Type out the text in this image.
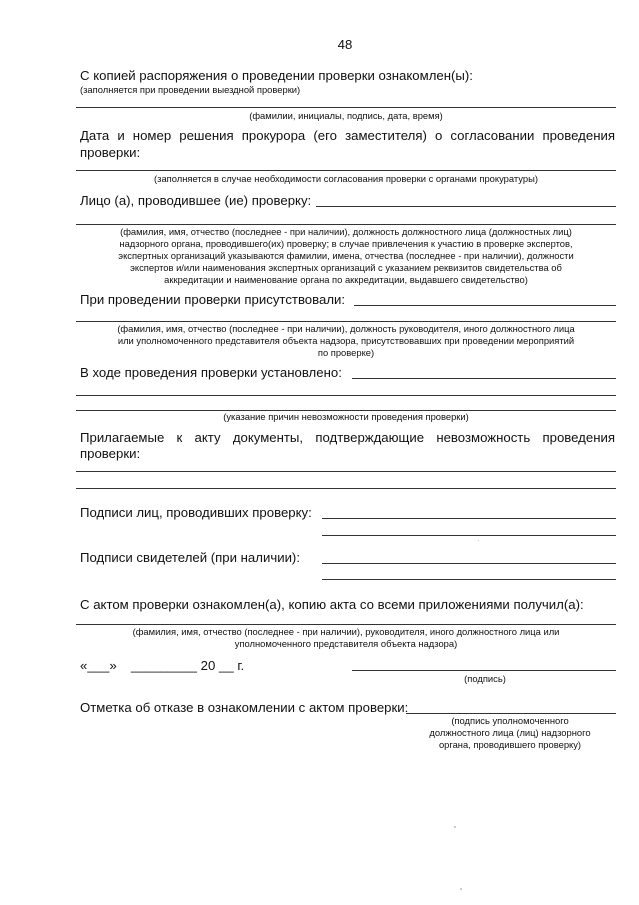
48
С копией распоряжения о проведении проверки ознакомлен(ы):
(заполняется при проведении выездной проверки)
(фамилии, инициалы, подпись, дата, время)
Дата и номер решения прокурора (его заместителя) о согласовании проведения
проверки:
(заполняется в случае необходимости согласования проверки с органами прокуратуры)
Лицо (а), проводившее (ие) проверку:
(фамилия, имя, отчество (последнее - при наличии), должность должностного лица (должностных лиц)
надзорного органа, проводившего(их) проверку; в случае привлечения к участию в проверке экспертов,
экспертных организаций указываются фамилии, имена, отчества (последнее - при наличии), должности
экспертов и/или наименования экспертных организаций с указанием реквизитов свидетельства об
аккредитации и наименование органа по аккредитации, выдавшего свидетельство)
При проведении проверки присутствовали:
(фамилия, имя, отчество (последнее - при наличии), должность руководителя, иного должностного лица
или уполномоченного представителя объекта надзора, присутствовавших при проведении мероприятий
по проверке)
В ходе проведения проверки установлено:
(указание причин невозможности проведения проверки)
Прилагаемые к акту документы, подтверждающие невозможность проведения
проверки:
Подписи лиц, проводивших проверку:
Подписи свидетелей (при наличии):
С актом проверки ознакомлен(а), копию акта со всеми приложениями получил(а):
(фамилия, имя, отчество (последнее - при наличии), руководителя, иного должностного лица или
уполномоченного представителя объекта надзора)
«___» _________ 20 __ г.
(подпись)
Отметка об отказе в ознакомлении с актом проверки:
(подпись уполномоченного
должностного лица (лиц) надзорного
органа, проводившего проверку)
